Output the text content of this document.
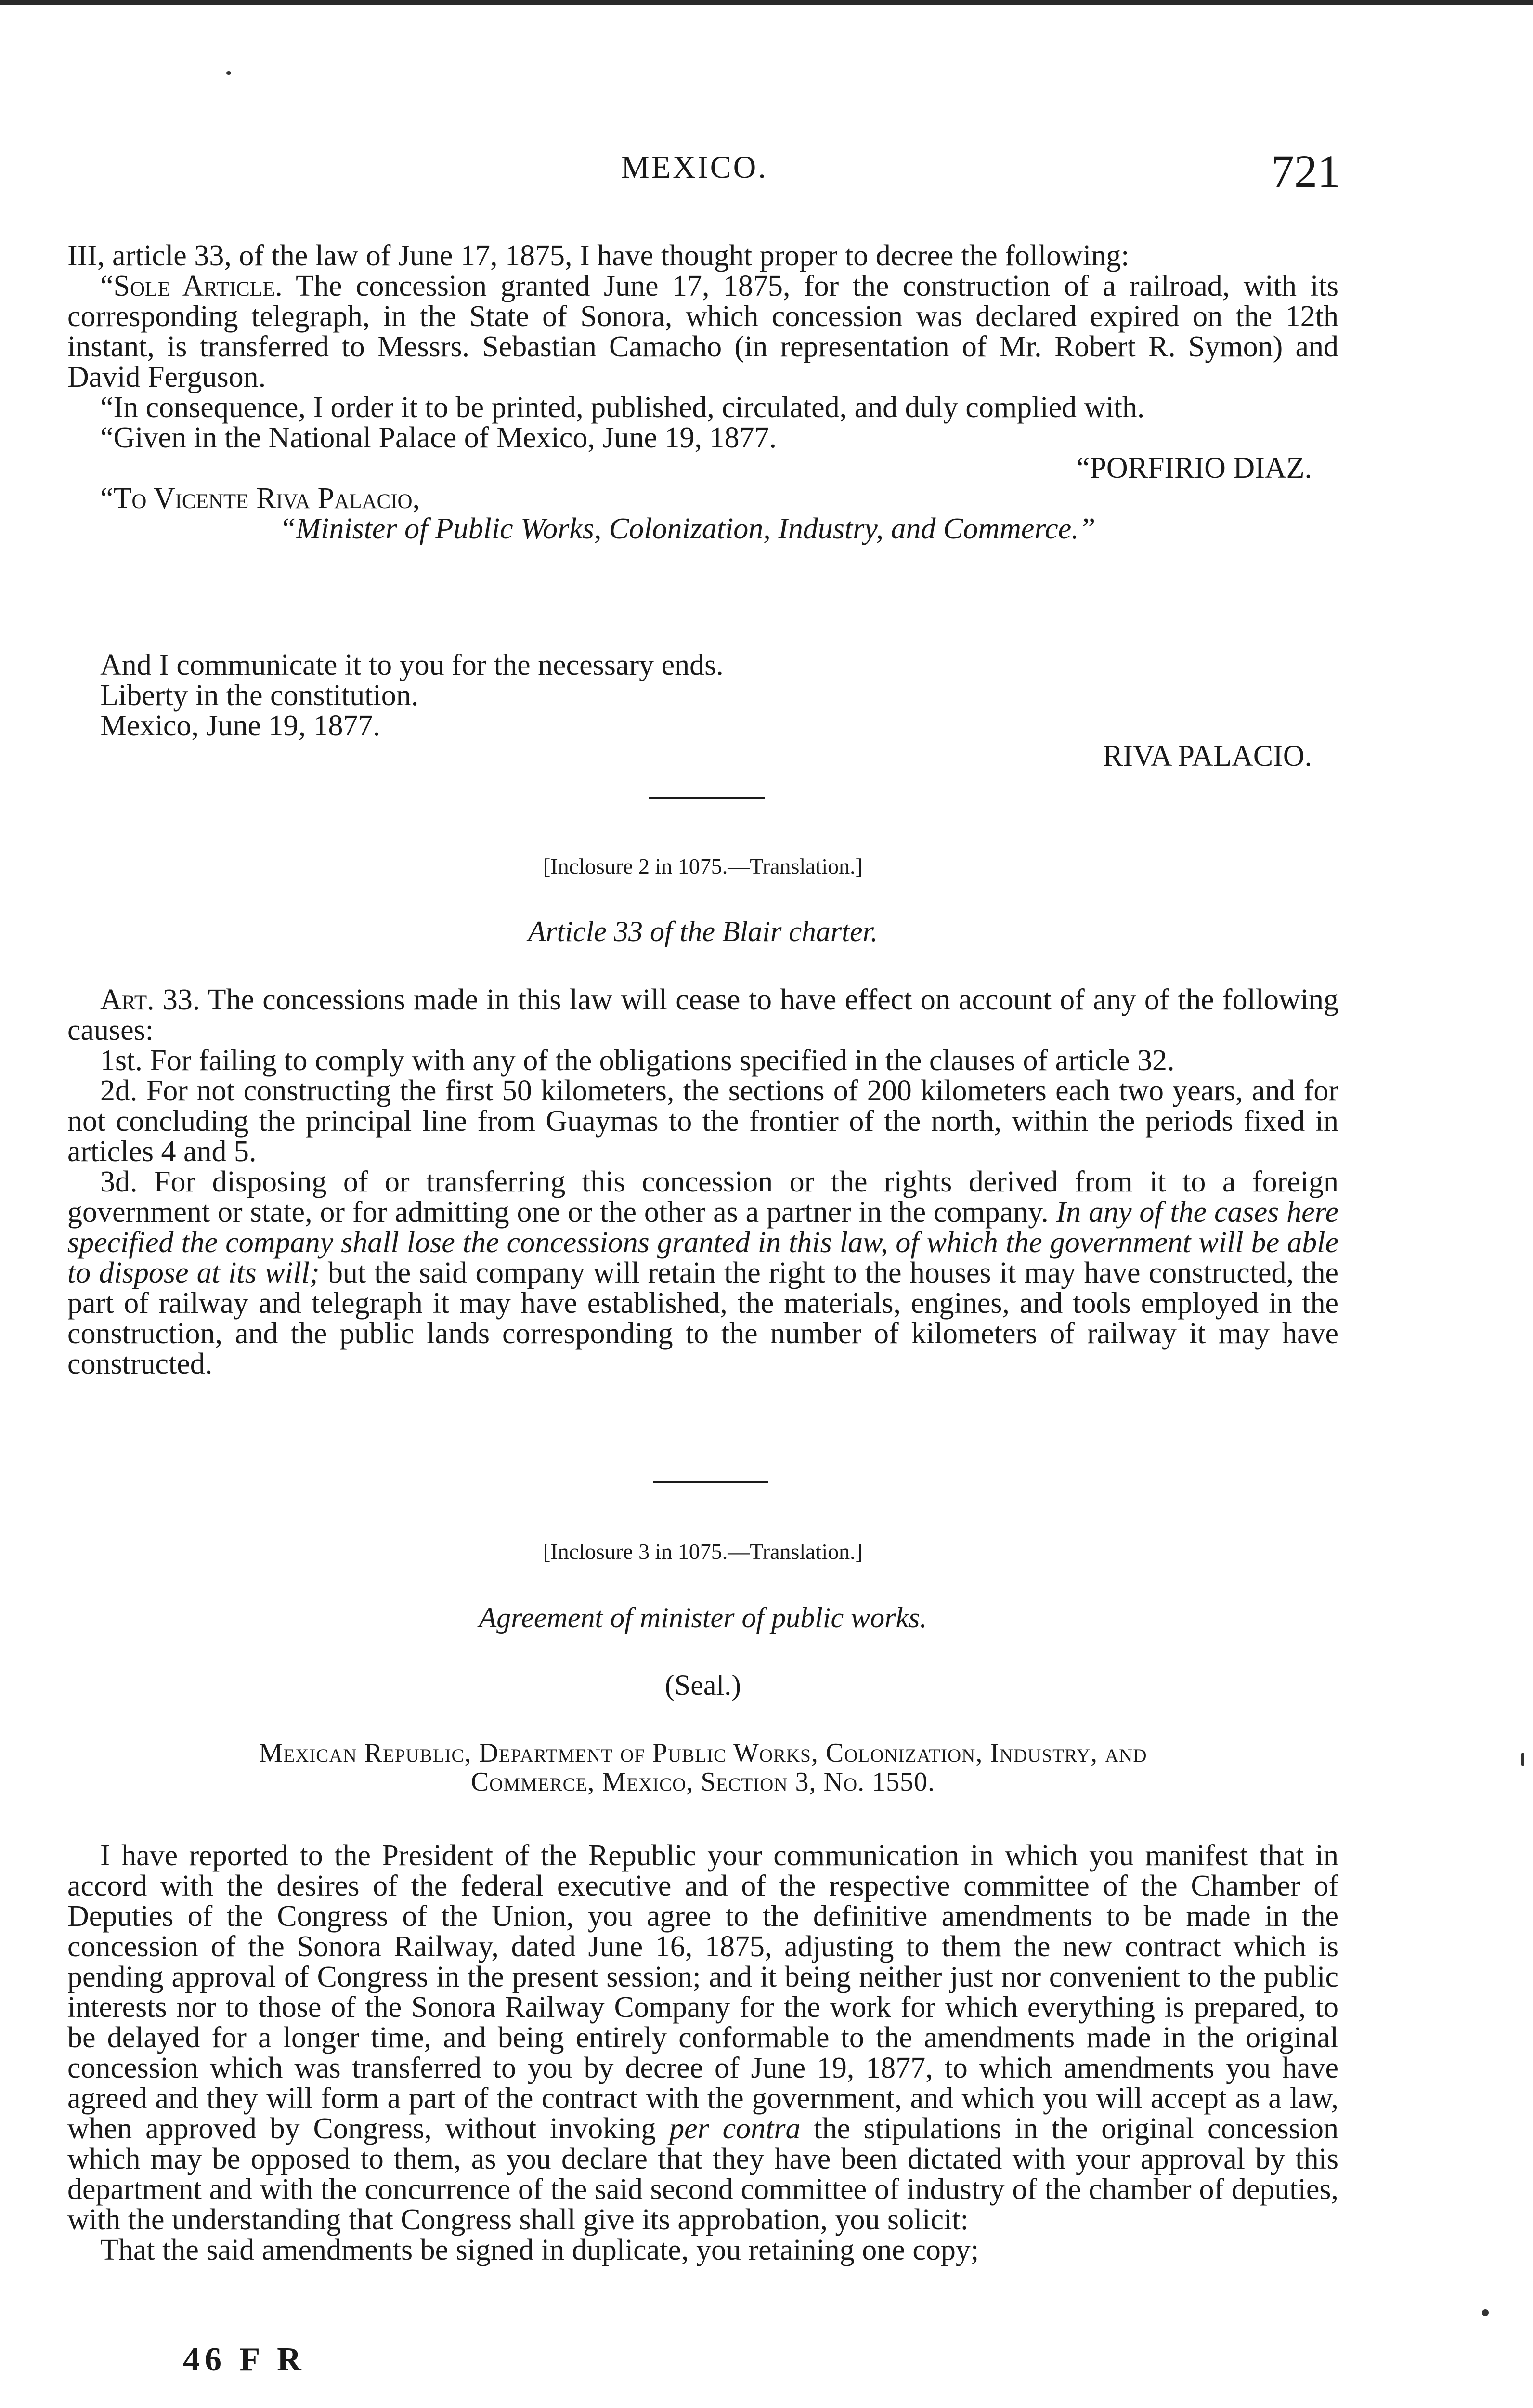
MEXICO.	721

III, article 33, of the law of June 17, 1875, I have thought proper to decree the following:

“Sole Article. The concession granted June 17, 1875, for the construction of a railroad, with its corresponding telegraph, in the State of Sonora, which concession was declared expired on the 12th instant, is transferred to Messrs. Sebastian Camacho (in representation of Mr. Robert R. Symon) and David Ferguson.

“In consequence, I order it to be printed, published, circulated, and duly complied with.

“Given in the National Palace of Mexico, June 19, 1877.

“PORFIRIO DIAZ.

“To Vicente Riva Palacio,

“Minister of Public Works, Colonization, Industry, and Commerce.”

And I communicate it to you for the necessary ends.

Liberty in the constitution.

Mexico, June 19, 1877.

RIVA PALACIO.

[Inclosure 2 in 1075.—Translation.]
Article 33 of the Blair charter.

Art. 33. The concessions made in this law will cease to have effect on account of any of the following causes:

1st. For failing to comply with any of the obligations specified in the clauses of article 32.

2d. For not constructing the first 50 kilometers, the sections of 200 kilometers each two years, and for not concluding the principal line from Guaymas to the frontier of the north, within the periods fixed in articles 4 and 5.

3d. For disposing of or transferring this concession or the rights derived from it to a foreign government or state, or for admitting one or the other as a partner in the company. In any of the cases here specified the company shall lose the concessions granted in this law, of which the government will be able to dispose at its will; but the said company will retain the right to the houses it may have constructed, the part of railway and telegraph it may have established, the materials, engines, and tools employed in the construction, and the public lands corresponding to the number of kilometers of railway it may have constructed.

[Inclosure 3 in 1075.—Translation.]
Agreement of minister of public works.
(Seal.)
Mexican Republic, Department of Public Works, Colonization, Industry, and
Commerce, Mexico, Section 3, No. 1550.

I have reported to the President of the Republic your communication in which you manifest that in accord with the desires of the federal executive and of the respective committee of the Chamber of Deputies of the Congress of the Union, you agree to the definitive amendments to be made in the concession of the Sonora Railway, dated June 16, 1875, adjusting to them the new contract which is pending approval of Congress in the present session; and it being neither just nor convenient to the public interests nor to those of the Sonora Railway Company for the work for which everything is prepared, to be delayed for a longer time, and being entirely conformable to the amendments made in the original concession which was transferred to you by decree of June 19, 1877, to which amendments you have agreed and they will form a part of the contract with the government, and which you will accept as a law, when approved by Congress, without invoking per contra the stipulations in the original concession which may be opposed to them, as you declare that they have been dictated with your approval by this department and with the concurrence of the said second committee of industry of the chamber of deputies, with the understanding that Congress shall give its approbation, you solicit:

That the said amendments be signed in duplicate, you retaining one copy;

46 F R
